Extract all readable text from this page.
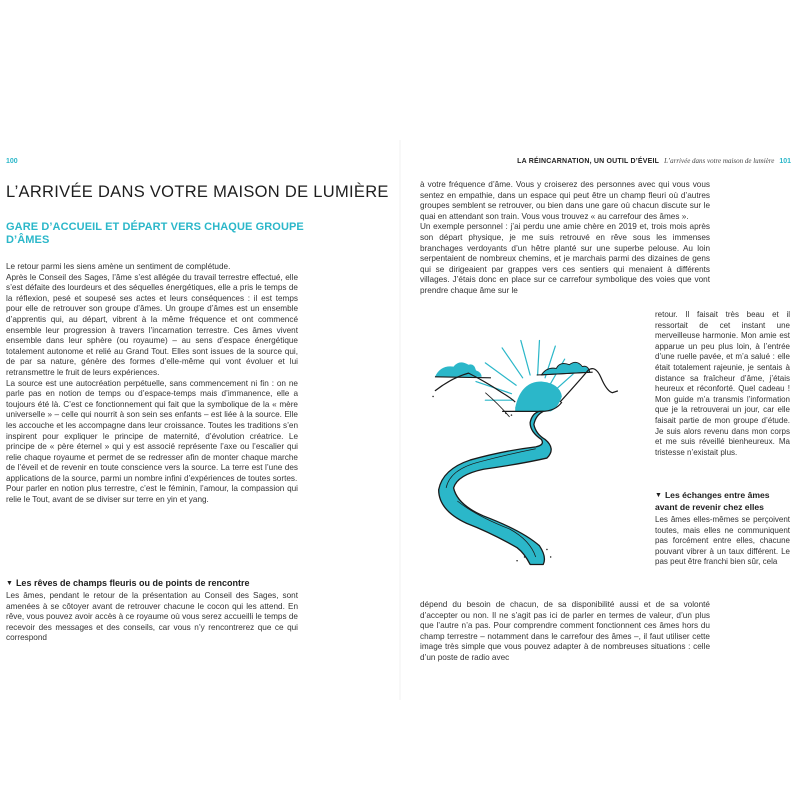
100
L’ARRIVÉE DANS VOTRE MAISON DE LUMIÈRE
GARE D’ACCUEIL ET DÉPART VERS CHAQUE GROUPE D’ÂMES

Le retour parmi les siens amène un sentiment de complétude.

Après le Conseil des Sages, l’âme s’est allégée du travail terrestre effectué, elle s’est défaite des lourdeurs et des séquelles énergétiques, elle a pris le temps de la réflexion, pesé et soupesé ses actes et leurs conséquences : il est temps pour elle de retrouver son groupe d’âmes. Un groupe d’âmes est un ensemble d’apprentis qui, au départ, vibrent à la même fréquence et ont commencé ensemble leur progression à travers l’incarnation terrestre. Ces âmes vivent ensemble dans leur sphère (ou royaume) – au sens d’espace énergétique totalement autonome et relié au Grand Tout. Elles sont issues de la source qui, de par sa nature, génère des formes d’elle-même qui vont évoluer et lui retransmettre le fruit de leurs expériences.

La source est une autocréation perpétuelle, sans commencement ni fin : on ne parle pas en notion de temps ou d’espace-temps mais d’immanence, elle a toujours été là. C’est ce fonctionnement qui fait que la symbolique de la « mère universelle » – celle qui nourrit à son sein ses enfants – est liée à la source. Elle les accouche et les accompagne dans leur croissance. Toutes les traditions s’en inspirent pour expliquer le principe de maternité, d’évolution créatrice. Le principe de « père éternel » qui y est associé représente l’axe ou l’escalier qui relie chaque royaume et permet de se redresser afin de monter chaque marche de l’éveil et de revenir en toute conscience vers la source. La terre est l’une des applications de la source, parmi un nombre infini d’expériences de toutes sortes.

Pour parler en notion plus terrestre, c’est le féminin, l’amour, la compassion qui relie le Tout, avant de se diviser sur terre en yin et yang.

▼ Les rêves de champs fleuris ou de points de rencontre

Les âmes, pendant le retour de la présentation au Conseil des Sages, sont amenées à se côtoyer avant de retrouver chacune le cocon qui les attend. En rêve, vous pouvez avoir accès à ce royaume où vous serez accueilli le temps de recevoir des messages et des conseils, car vous n’y rencontrerez que ce qui correspond

LA RÉINCARNATION, UN OUTIL D’ÉVEIL L’arrivée dans votre maison de lumière 101

à votre fréquence d’âme. Vous y croiserez des personnes avec qui vous vous sentez en empathie, dans un espace qui peut être un champ fleuri où d’autres groupes semblent se retrouver, ou bien dans une gare où chacun discute sur le quai en attendant son train. Vous vous trouvez « au carrefour des âmes ».

Un exemple personnel : j’ai perdu une amie chère en 2019 et, trois mois après son départ physique, je me suis retrouvé en rêve sous les immenses branchages verdoyants d’un hêtre planté sur une superbe pelouse. Au loin serpentaient de nombreux chemins, et je marchais parmi des dizaines de gens qui se dirigeaient par grappes vers ces sentiers qui menaient à différents villages. J’étais donc en place sur ce carrefour symbolique des voies que vont prendre chaque âme sur le

retour. Il faisait très beau et il ressortait de cet instant une merveilleuse harmonie. Mon amie est apparue un peu plus loin, à l’entrée d’une ruelle pavée, et m’a salué : elle était totalement rajeunie, je sentais à distance sa fraîcheur d’âme, j’étais heureux et réconforté. Quel cadeau ! Mon guide m’a transmis l’information que je la retrouverai un jour, car elle faisait partie de mon groupe d’étude. Je suis alors revenu dans mon corps et me suis réveillé bienheureux. Ma tristesse n’existait plus.

▼ Les échanges entre âmes avant de revenir chez elles

Les âmes elles-mêmes se perçoivent toutes, mais elles ne communiquent pas forcément entre elles, chacune pouvant vibrer à un taux différent. Le pas peut être franchi bien sûr, cela

dépend du besoin de chacun, de sa disponibilité aussi et de sa volonté d’accepter ou non. Il ne s’agit pas ici de parler en termes de valeur, d’un plus que l’autre n’a pas. Pour comprendre comment fonctionnent ces âmes hors du champ terrestre – notamment dans le carrefour des âmes –, il faut utiliser cette image très simple que vous pouvez adapter à de nombreuses situations : celle d’un poste de radio avec
